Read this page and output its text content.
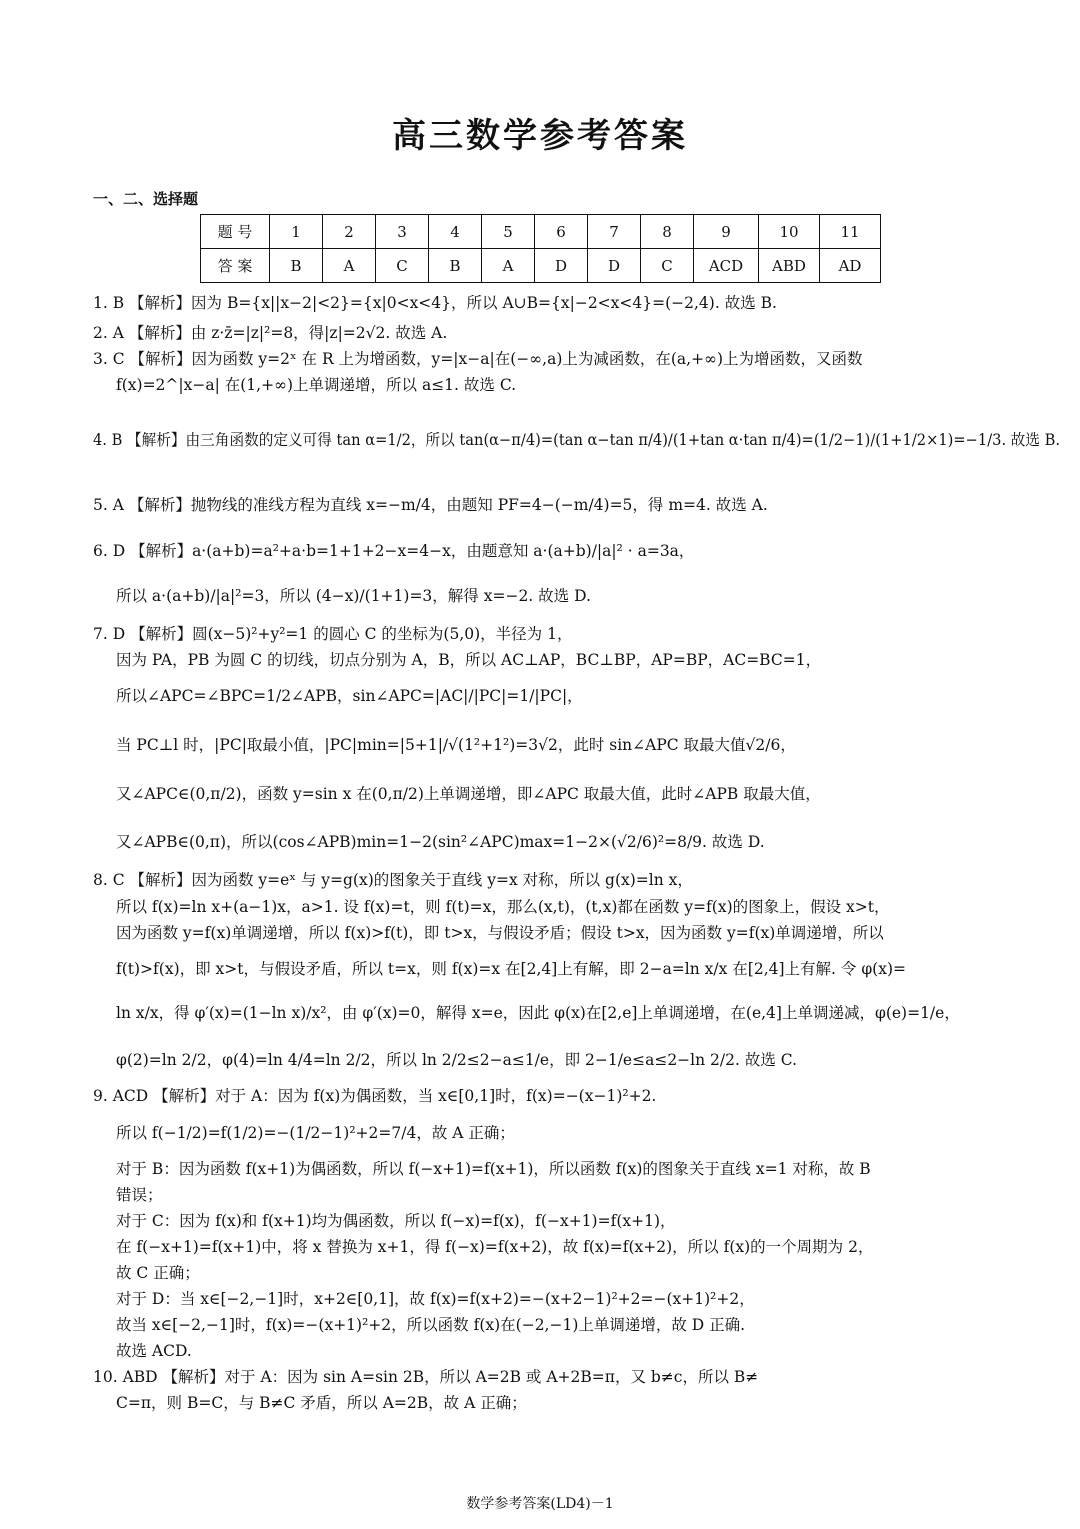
高三数学参考答案
一、二、选择题
题 号	1	2	3	4	5	6	7	8	9	10	11
答 案	B	A	C	B	A	D	D	C	ACD	ABD	AD
1. B 【解析】因为 B={x||x−2|<2}={x|0<x<4}，所以 A∪B={x|−2<x<4}=(−2,4). 故选 B.
2. A 【解析】由 z·z̄=|z|²=8，得|z|=2√2. 故选 A.
3. C 【解析】因为函数 y=2ˣ 在 R 上为增函数，y=|x−a|在(−∞,a)上为减函数，在(a,+∞)上为增函数，又函数
f(x)=2^|x−a| 在(1,+∞)上单调递增，所以 a≤1. 故选 C.
4. B 【解析】由三角函数的定义可得 tan α=1/2，所以 tan(α−π/4)=(tan α−tan π/4)/(1+tan α·tan π/4)=(1/2−1)/(1+1/2×1)=−1/3. 故选 B.
5. A 【解析】抛物线的准线方程为直线 x=−m/4，由题知 PF=4−(−m/4)=5，得 m=4. 故选 A.
6. D 【解析】a·(a+b)=a²+a·b=1+1+2−x=4−x，由题意知 a·(a+b)/|a|² · a=3a，
所以 a·(a+b)/|a|²=3，所以 (4−x)/(1+1)=3，解得 x=−2. 故选 D.
7. D 【解析】圆(x−5)²+y²=1 的圆心 C 的坐标为(5,0)，半径为 1，
因为 PA，PB 为圆 C 的切线，切点分别为 A，B，所以 AC⊥AP，BC⊥BP，AP=BP，AC=BC=1，
所以∠APC=∠BPC=1/2∠APB，sin∠APC=|AC|/|PC|=1/|PC|，
当 PC⊥l 时，|PC|取最小值，|PC|min=|5+1|/√(1²+1²)=3√2，此时 sin∠APC 取最大值√2/6，
又∠APC∈(0,π/2)，函数 y=sin x 在(0,π/2)上单调递增，即∠APC 取最大值，此时∠APB 取最大值，
又∠APB∈(0,π)，所以(cos∠APB)min=1−2(sin²∠APC)max=1−2×(√2/6)²=8/9. 故选 D.
8. C 【解析】因为函数 y=eˣ 与 y=g(x)的图象关于直线 y=x 对称，所以 g(x)=ln x，
所以 f(x)=ln x+(a−1)x，a>1. 设 f(x)=t，则 f(t)=x，那么(x,t)，(t,x)都在函数 y=f(x)的图象上，假设 x>t，
因为函数 y=f(x)单调递增，所以 f(x)>f(t)，即 t>x，与假设矛盾；假设 t>x，因为函数 y=f(x)单调递增，所以
f(t)>f(x)，即 x>t，与假设矛盾，所以 t=x，则 f(x)=x 在[2,4]上有解，即 2−a=ln x/x 在[2,4]上有解. 令 φ(x)=
ln x/x，得 φ′(x)=(1−ln x)/x²，由 φ′(x)=0，解得 x=e，因此 φ(x)在[2,e]上单调递增，在(e,4]上单调递减，φ(e)=1/e，
φ(2)=ln 2/2，φ(4)=ln 4/4=ln 2/2，所以 ln 2/2≤2−a≤1/e，即 2−1/e≤a≤2−ln 2/2. 故选 C.
9. ACD 【解析】对于 A：因为 f(x)为偶函数，当 x∈[0,1]时，f(x)=−(x−1)²+2.
所以 f(−1/2)=f(1/2)=−(1/2−1)²+2=7/4，故 A 正确；
对于 B：因为函数 f(x+1)为偶函数，所以 f(−x+1)=f(x+1)，所以函数 f(x)的图象关于直线 x=1 对称，故 B
错误；
对于 C：因为 f(x)和 f(x+1)均为偶函数，所以 f(−x)=f(x)，f(−x+1)=f(x+1)，
在 f(−x+1)=f(x+1)中，将 x 替换为 x+1，得 f(−x)=f(x+2)，故 f(x)=f(x+2)，所以 f(x)的一个周期为 2，
故 C 正确；
对于 D：当 x∈[−2,−1]时，x+2∈[0,1]，故 f(x)=f(x+2)=−(x+2−1)²+2=−(x+1)²+2，
故当 x∈[−2,−1]时，f(x)=−(x+1)²+2，所以函数 f(x)在(−2,−1)上单调递增，故 D 正确.
故选 ACD.
10. ABD 【解析】对于 A：因为 sin A=sin 2B，所以 A=2B 或 A+2B=π，又 b≠c，所以 B≠
C=π，则 B=C，与 B≠C 矛盾，所以 A=2B，故 A 正确；
数学参考答案(LD4)－1
